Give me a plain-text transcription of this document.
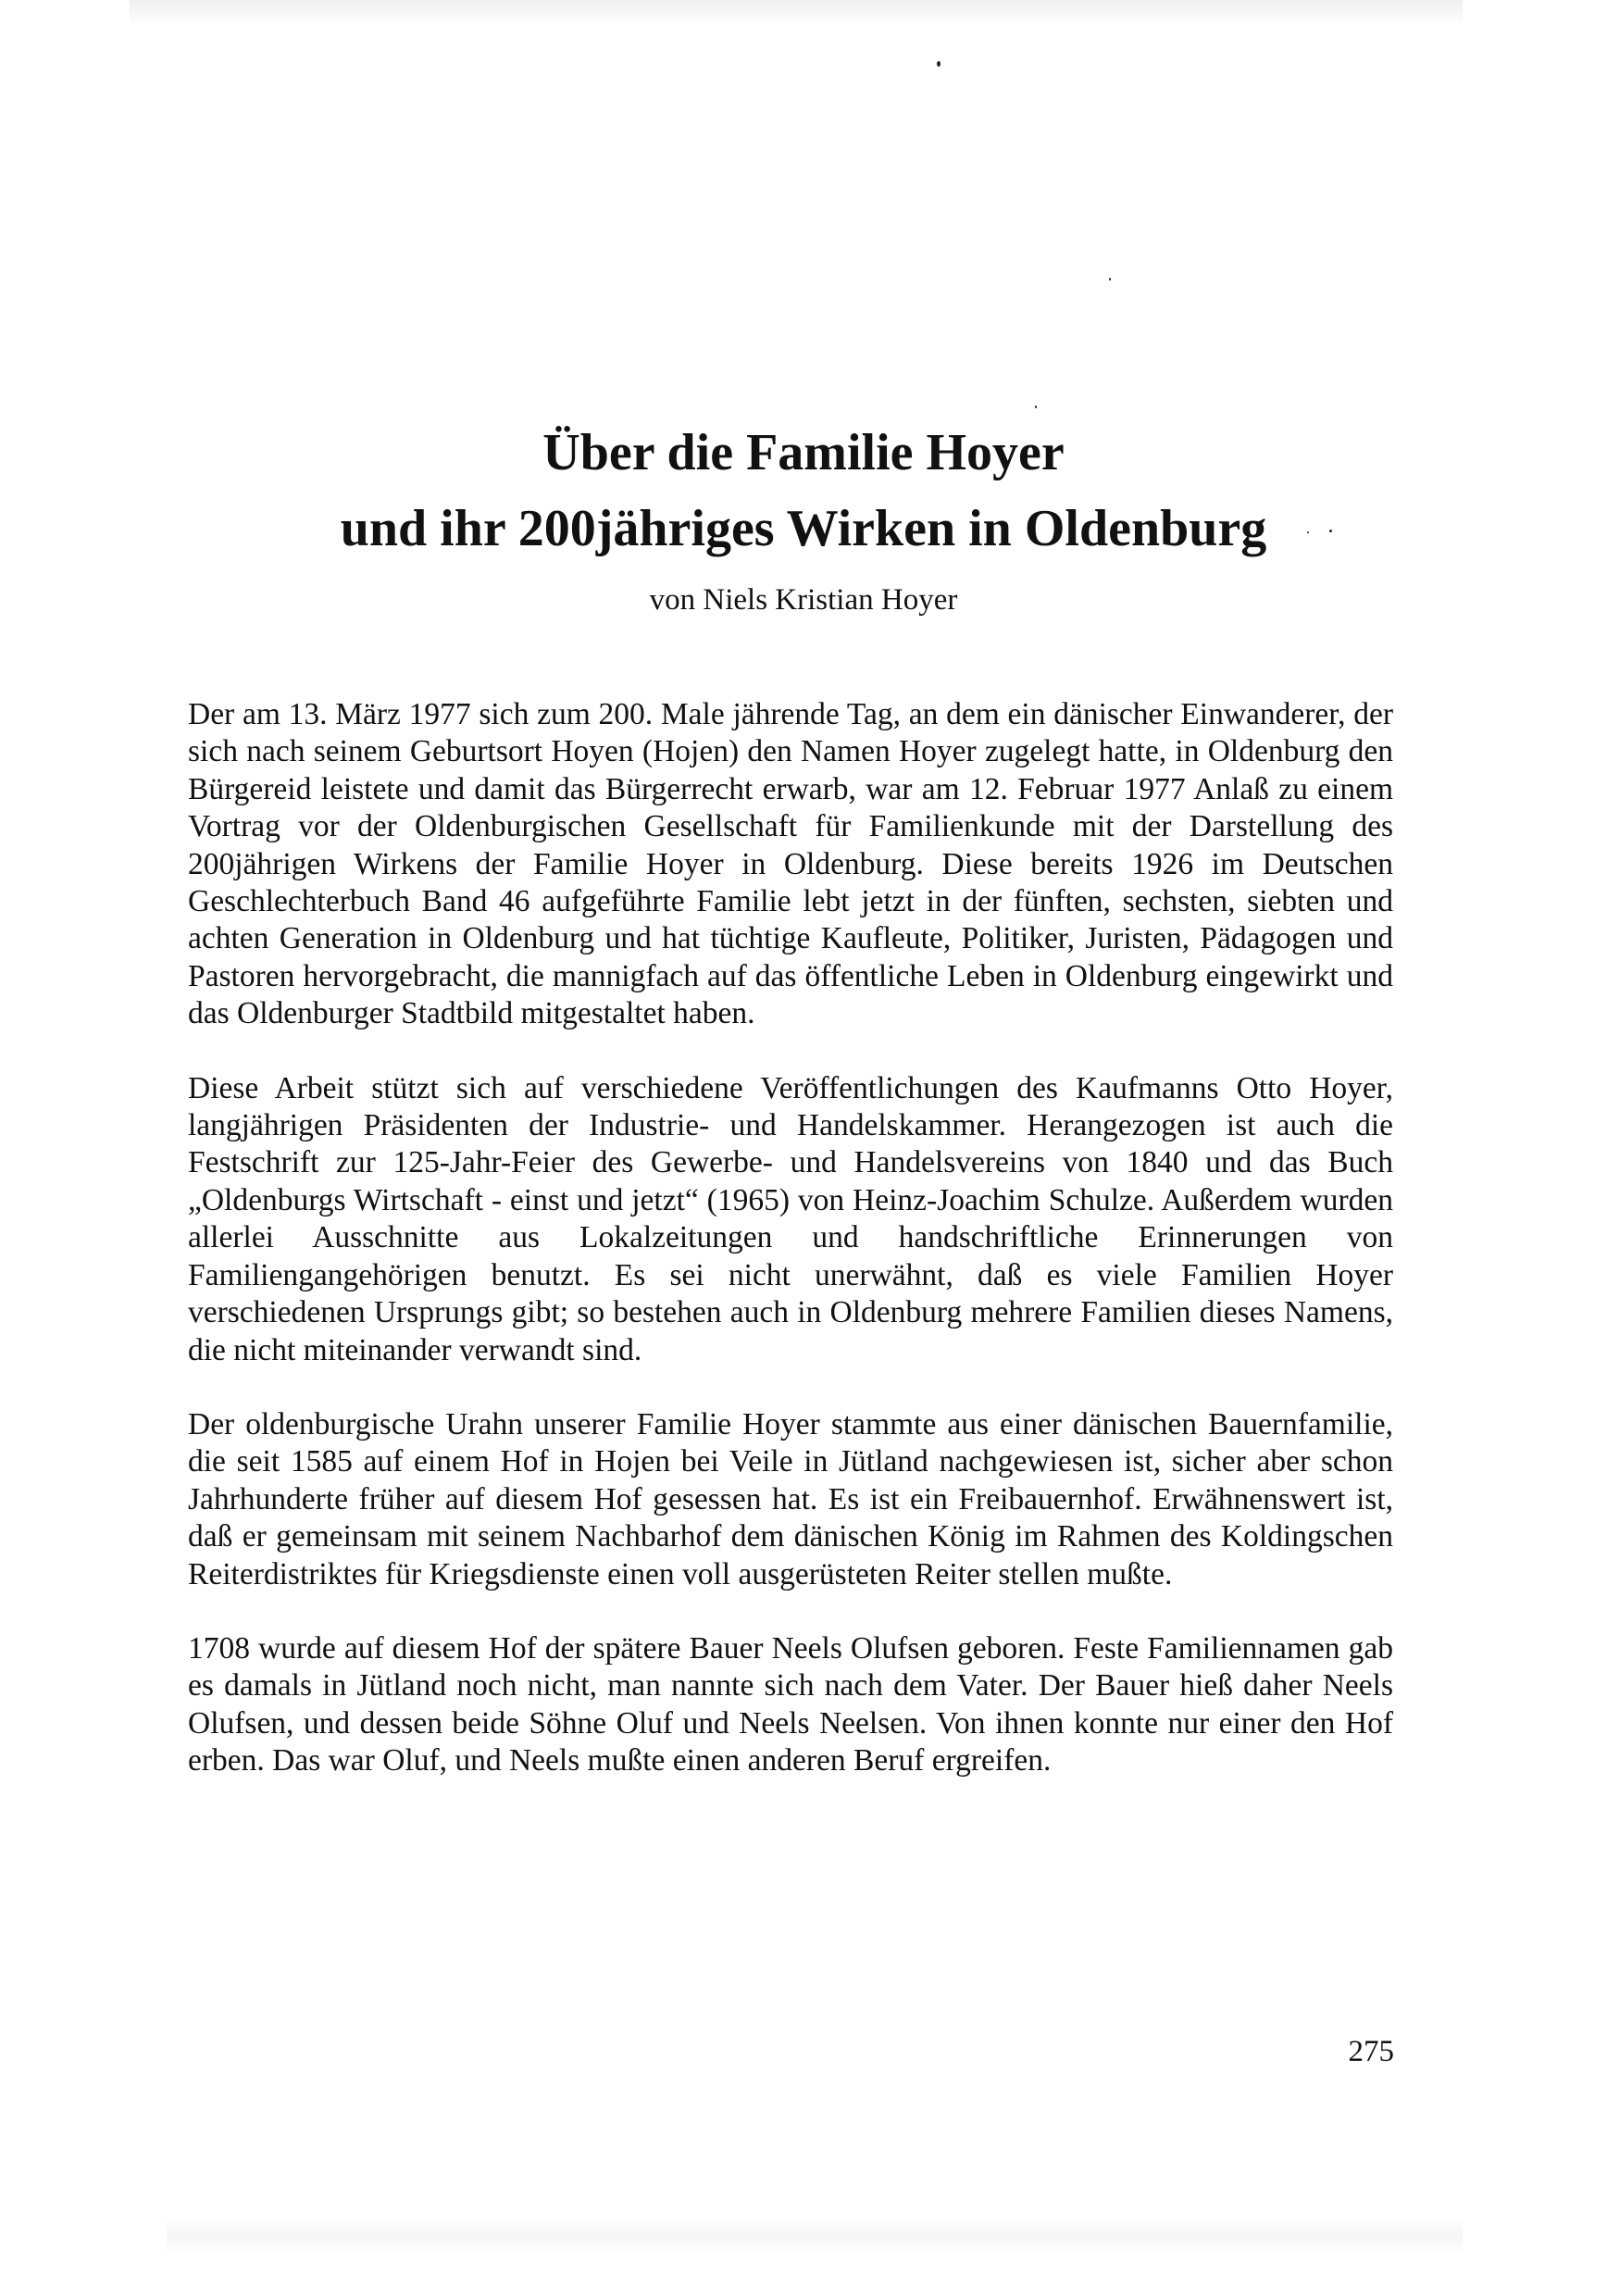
Über die Familie Hoyer
und ihr 200jähriges Wirken in Oldenburg

von Niels Kristian Hoyer

Der am 13. März 1977 sich zum 200. Male jährende Tag, an dem ein dänischer Einwanderer, der sich nach seinem Geburtsort Hoyen (Hojen) den Namen Hoyer zugelegt hatte, in Oldenburg den Bürgereid leistete und damit das Bürgerrecht erwarb, war am 12. Februar 1977 Anlaß zu einem Vortrag vor der Oldenburgischen Gesellschaft für Familienkunde mit der Darstellung des 200jährigen Wirkens der Familie Hoyer in Oldenburg. Diese bereits 1926 im Deutschen Geschlechterbuch Band 46 aufgeführte Familie lebt jetzt in der fünften, sechsten, siebten und achten Generation in Oldenburg und hat tüchtige Kaufleute, Politiker, Juristen, Pädagogen und Pastoren hervorgebracht, die mannigfach auf das öffentliche Leben in Oldenburg eingewirkt und das Oldenburger Stadtbild mitgestaltet haben.

Diese Arbeit stützt sich auf verschiedene Veröffentlichungen des Kaufmanns Otto Hoyer, langjährigen Präsidenten der Industrie- und Handelskammer. Herangezogen ist auch die Festschrift zur 125-Jahr-Feier des Gewerbe- und Handelsvereins von 1840 und das Buch „Oldenburgs Wirtschaft - einst und jetzt“ (1965) von Heinz-Joachim Schulze. Außerdem wurden allerlei Ausschnitte aus Lokalzeitungen und handschriftliche Erinnerungen von Familiengangehörigen benutzt. Es sei nicht unerwähnt, daß es viele Familien Hoyer verschiedenen Ursprungs gibt; so bestehen auch in Oldenburg mehrere Familien dieses Namens, die nicht miteinander verwandt sind.

Der oldenburgische Urahn unserer Familie Hoyer stammte aus einer dänischen Bauernfamilie, die seit 1585 auf einem Hof in Hojen bei Veile in Jütland nachgewiesen ist, sicher aber schon Jahrhunderte früher auf diesem Hof gesessen hat. Es ist ein Freibauernhof. Erwähnenswert ist, daß er gemeinsam mit seinem Nachbarhof dem dänischen König im Rahmen des Koldingschen Reiterdistriktes für Kriegsdienste einen voll ausgerüsteten Reiter stellen mußte.

1708 wurde auf diesem Hof der spätere Bauer Neels Olufsen geboren. Feste Familiennamen gab es damals in Jütland noch nicht, man nannte sich nach dem Vater. Der Bauer hieß daher Neels Olufsen, und dessen beide Söhne Oluf und Neels Neelsen. Von ihnen konnte nur einer den Hof erben. Das war Oluf, und Neels mußte einen anderen Beruf ergreifen.

275
